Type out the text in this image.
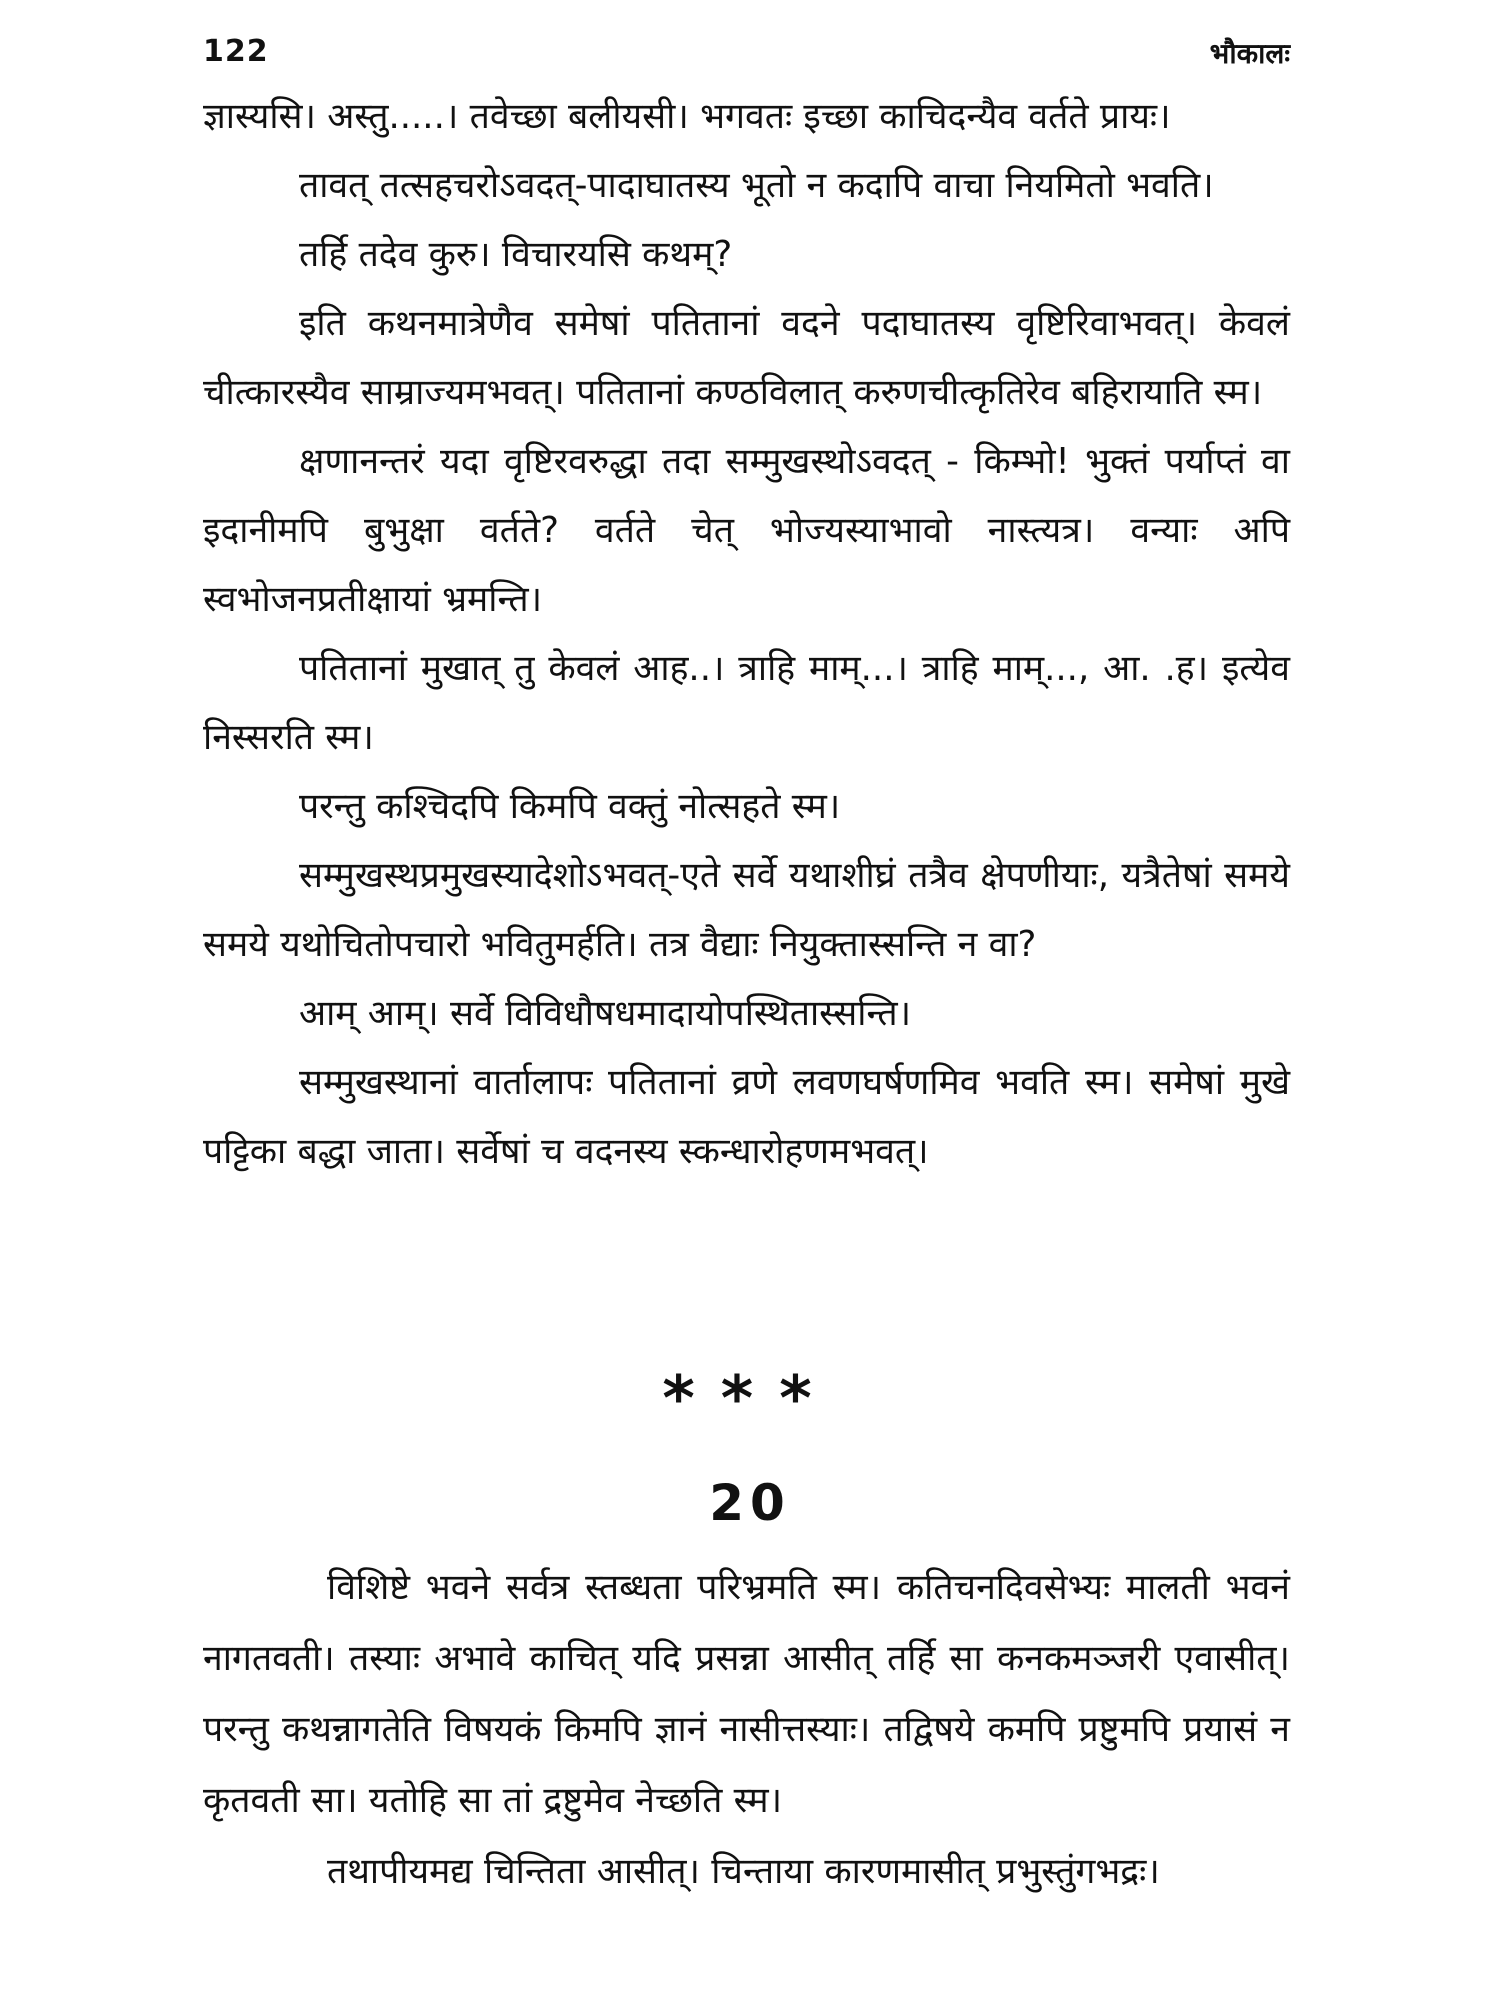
122	भौकालः

ज्ञास्यसि। अस्तु.....। तवेच्छा बलीयसी। भगवतः इच्छा काचिदन्यैव वर्तते प्रायः।

तावत् तत्सहचरोऽवदत्-पादाघातस्य भूतो न कदापि वाचा नियमितो भवति।

तर्हि तदेव कुरु। विचारयसि कथम्?

इति कथनमात्रेणैव समेषां पतितानां वदने पदाघातस्य वृष्टिरिवाभवत्। केवलं चीत्कारस्यैव साम्राज्यमभवत्। पतितानां कण्ठविलात् करुणचीत्कृतिरेव बहिरायाति स्म।

क्षणानन्तरं यदा वृष्टिरवरुद्धा तदा सम्मुखस्थोऽवदत् - किम्भो! भुक्तं पर्याप्तं वा इदानीमपि बुभुक्षा वर्तते? वर्तते चेत् भोज्यस्याभावो नास्त्यत्र। वन्याः अपि स्वभोजनप्रतीक्षायां भ्रमन्ति।

पतितानां मुखात् तु केवलं आह..। त्राहि माम्...। त्राहि माम्..., आ. .ह। इत्येव निस्सरति स्म।

परन्तु कश्चिदपि किमपि वक्तुं नोत्सहते स्म।

सम्मुखस्थप्रमुखस्यादेशोऽभवत्-एते सर्वे यथाशीघ्रं तत्रैव क्षेपणीयाः, यत्रैतेषां समये समये यथोचितोपचारो भवितुमर्हति। तत्र वैद्याः नियुक्तास्सन्ति न वा?

आम् आम्। सर्वे विविधौषधमादायोपस्थितास्सन्ति।

सम्मुखस्थानां वार्तालापः पतितानां व्रणे लवणघर्षणमिव भवति स्म। समेषां मुखे पट्टिका बद्धा जाता। सर्वेषां च वदनस्य स्कन्धारोहणमभवत्।

***
20

विशिष्टे भवने सर्वत्र स्तब्धता परिभ्रमति स्म। कतिचनदिवसेभ्यः मालती भवनं नागतवती। तस्याः अभावे काचित् यदि प्रसन्ना आसीत् तर्हि सा कनकमञ्जरी एवासीत्। परन्तु कथन्नागतेति विषयकं किमपि ज्ञानं नासीत्तस्याः। तद्विषये कमपि प्रष्टुमपि प्रयासं न कृतवती सा। यतोहि सा तां द्रष्टुमेव नेच्छति स्म।

तथापीयमद्य चिन्तिता आसीत्। चिन्ताया कारणमासीत् प्रभुस्तुंगभद्रः।
